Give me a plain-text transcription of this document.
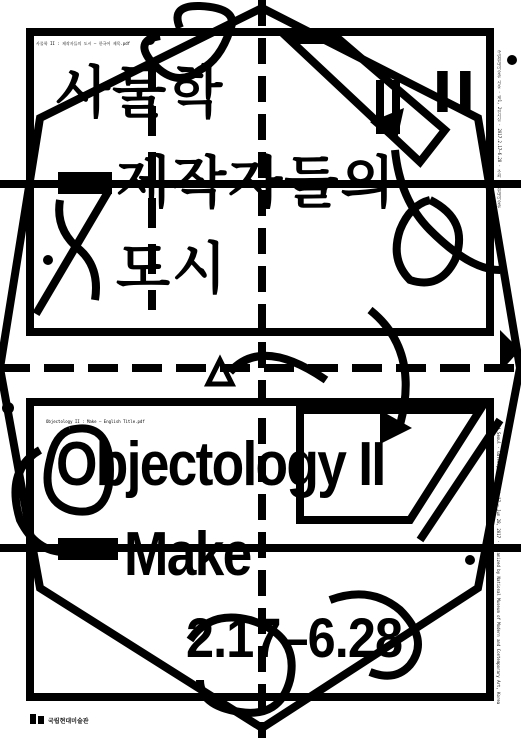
사물학 II : 제작자들의 도시 – 한국어 제목.pdf
사물학	II
제작자들의
도시
Objectology II : Make – English Title.pdf
Objectology II
Make
2.17–6.28
국립현대미술관 서울 · 제1, 2전시실 · 2017.2.17–6.28 · 주최 국립현대미술관
MMCA Seoul · Gallery 1, 2 · Feb 17 – Jun 28, 2017 · Organized by National Museum of Modern and Contemporary Art, Korea
국립현대미술관
